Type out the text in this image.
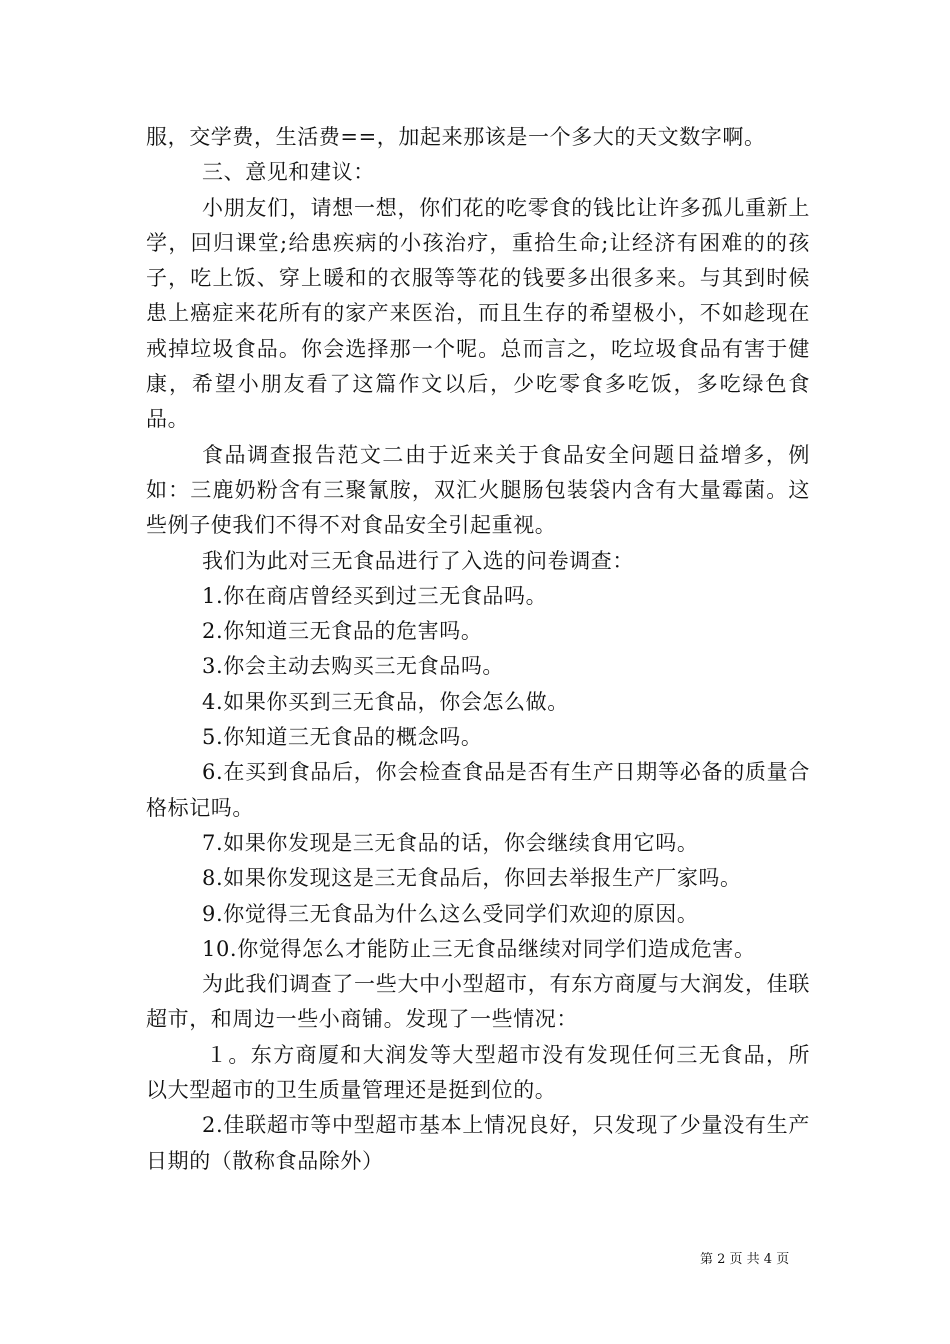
服，交学费，生活费==，加起来那该是一个多大的天文数字啊。

三、意见和建议：

小朋友们，请想一想，你们花的吃零食的钱比让许多孤儿重新上学，回归课堂;给患疾病的小孩治疗，重拾生命;让经济有困难的的孩子，吃上饭、穿上暖和的衣服等等花的钱要多出很多来。与其到时候患上癌症来花所有的家产来医治，而且生存的希望极小，不如趁现在戒掉垃圾食品。你会选择那一个呢。总而言之，吃垃圾食品有害于健康，希望小朋友看了这篇作文以后，少吃零食多吃饭，多吃绿色食品。

食品调查报告范文二由于近来关于食品安全问题日益增多，例如：三鹿奶粉含有三聚氰胺，双汇火腿肠包装袋内含有大量霉菌。这些例子使我们不得不对食品安全引起重视。

我们为此对三无食品进行了入选的问卷调查：

1.你在商店曾经买到过三无食品吗。

2.你知道三无食品的危害吗。

3.你会主动去购买三无食品吗。

4.如果你买到三无食品，你会怎么做。

5.你知道三无食品的概念吗。

6.在买到食品后，你会检查食品是否有生产日期等必备的质量合格标记吗。

7.如果你发现是三无食品的话，你会继续食用它吗。

8.如果你发现这是三无食品后，你回去举报生产厂家吗。

9.你觉得三无食品为什么这么受同学们欢迎的原因。

10.你觉得怎么才能防止三无食品继续对同学们造成危害。

为此我们调查了一些大中小型超市，有东方商厦与大润发，佳联超市，和周边一些小商铺。发现了一些情况：

１。东方商厦和大润发等大型超市没有发现任何三无食品，所以大型超市的卫生质量管理还是挺到位的。

2.佳联超市等中型超市基本上情况良好，只发现了少量没有生产日期的（散称食品除外）

第 2 页 共 4 页
